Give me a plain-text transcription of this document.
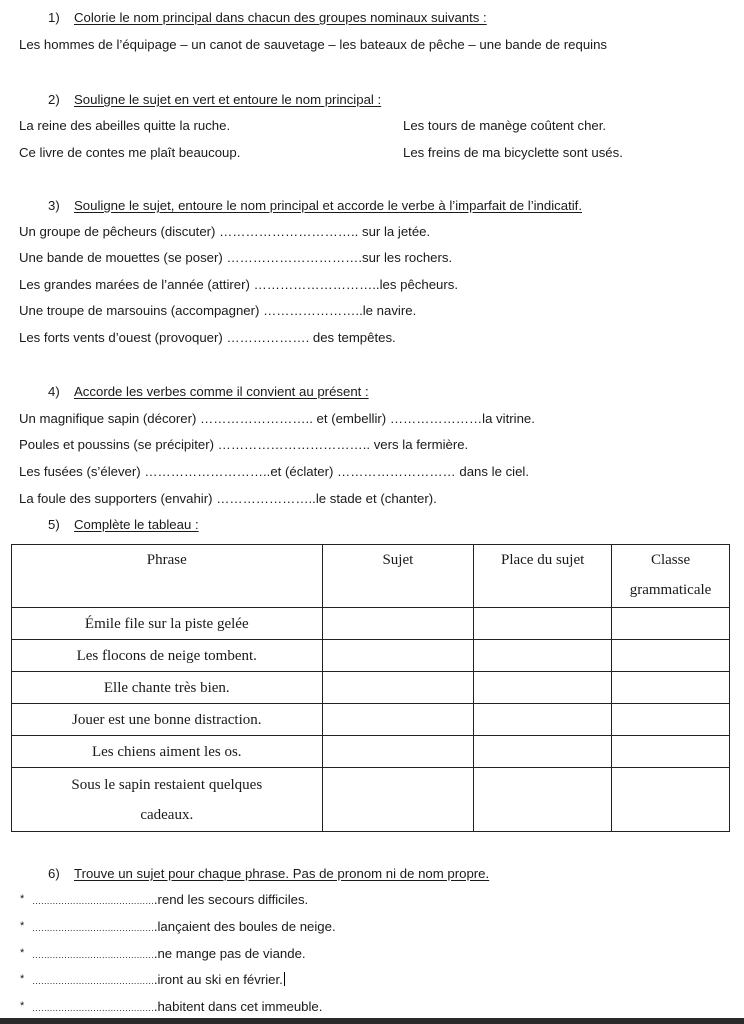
1) Colorie le nom principal dans chacun des groupes nominaux suivants :
Les hommes de l’équipage – un canot de sauvetage – les bateaux de pêche – une bande de requins
2) Souligne le sujet en vert et entoure le nom principal :
La reine des abeilles quitte la ruche.	Les tours de manège coûtent cher.
Ce livre de contes me plaît beaucoup.	Les freins de ma bicyclette sont usés.
3) Souligne le sujet, entoure le nom principal et accorde le verbe à l’imparfait de l’indicatif.
Un groupe de pêcheurs (discuter) ………………………….. sur la jetée.
Une bande de mouettes (se poser) ………………………….sur les rochers.
Les grandes marées de l’année (attirer) ………………………..les pêcheurs.
Une troupe de marsouins (accompagner) …………………..le navire.
Les forts vents d’ouest (provoquer) ………………. des tempêtes.
4) Accorde les verbes comme il convient au présent :
Un magnifique sapin (décorer) …………………….. et (embellir) …………………la vitrine.
Poules et poussins (se précipiter) …………………………….. vers la fermière.
Les fusées (s’élever) ………………………..et (éclater) ……………………… dans le ciel.
La foule des supporters (envahir) …………………..le stade et (chanter).
5) Complète le tableau :
Phrase	Sujet	Place du sujet	Classe
grammaticale
Émile file sur la piste gelée			
Les flocons de neige tombent.			
Elle chante très bien.			
Jouer est une bonne distraction.			
Les chiens aiment les os.			
Sous le sapin restaient quelques
cadeaux.			
6) Trouve un sujet pour chaque phrase. Pas de pronom ni de nom propre.
* …………………………………….rend les secours difficiles.
* …………………………………….lançaient des boules de neige.
* …………………………………….ne mange pas de viande.
* …………………………………….iront au ski en février.
* …………………………………….habitent dans cet immeuble.
